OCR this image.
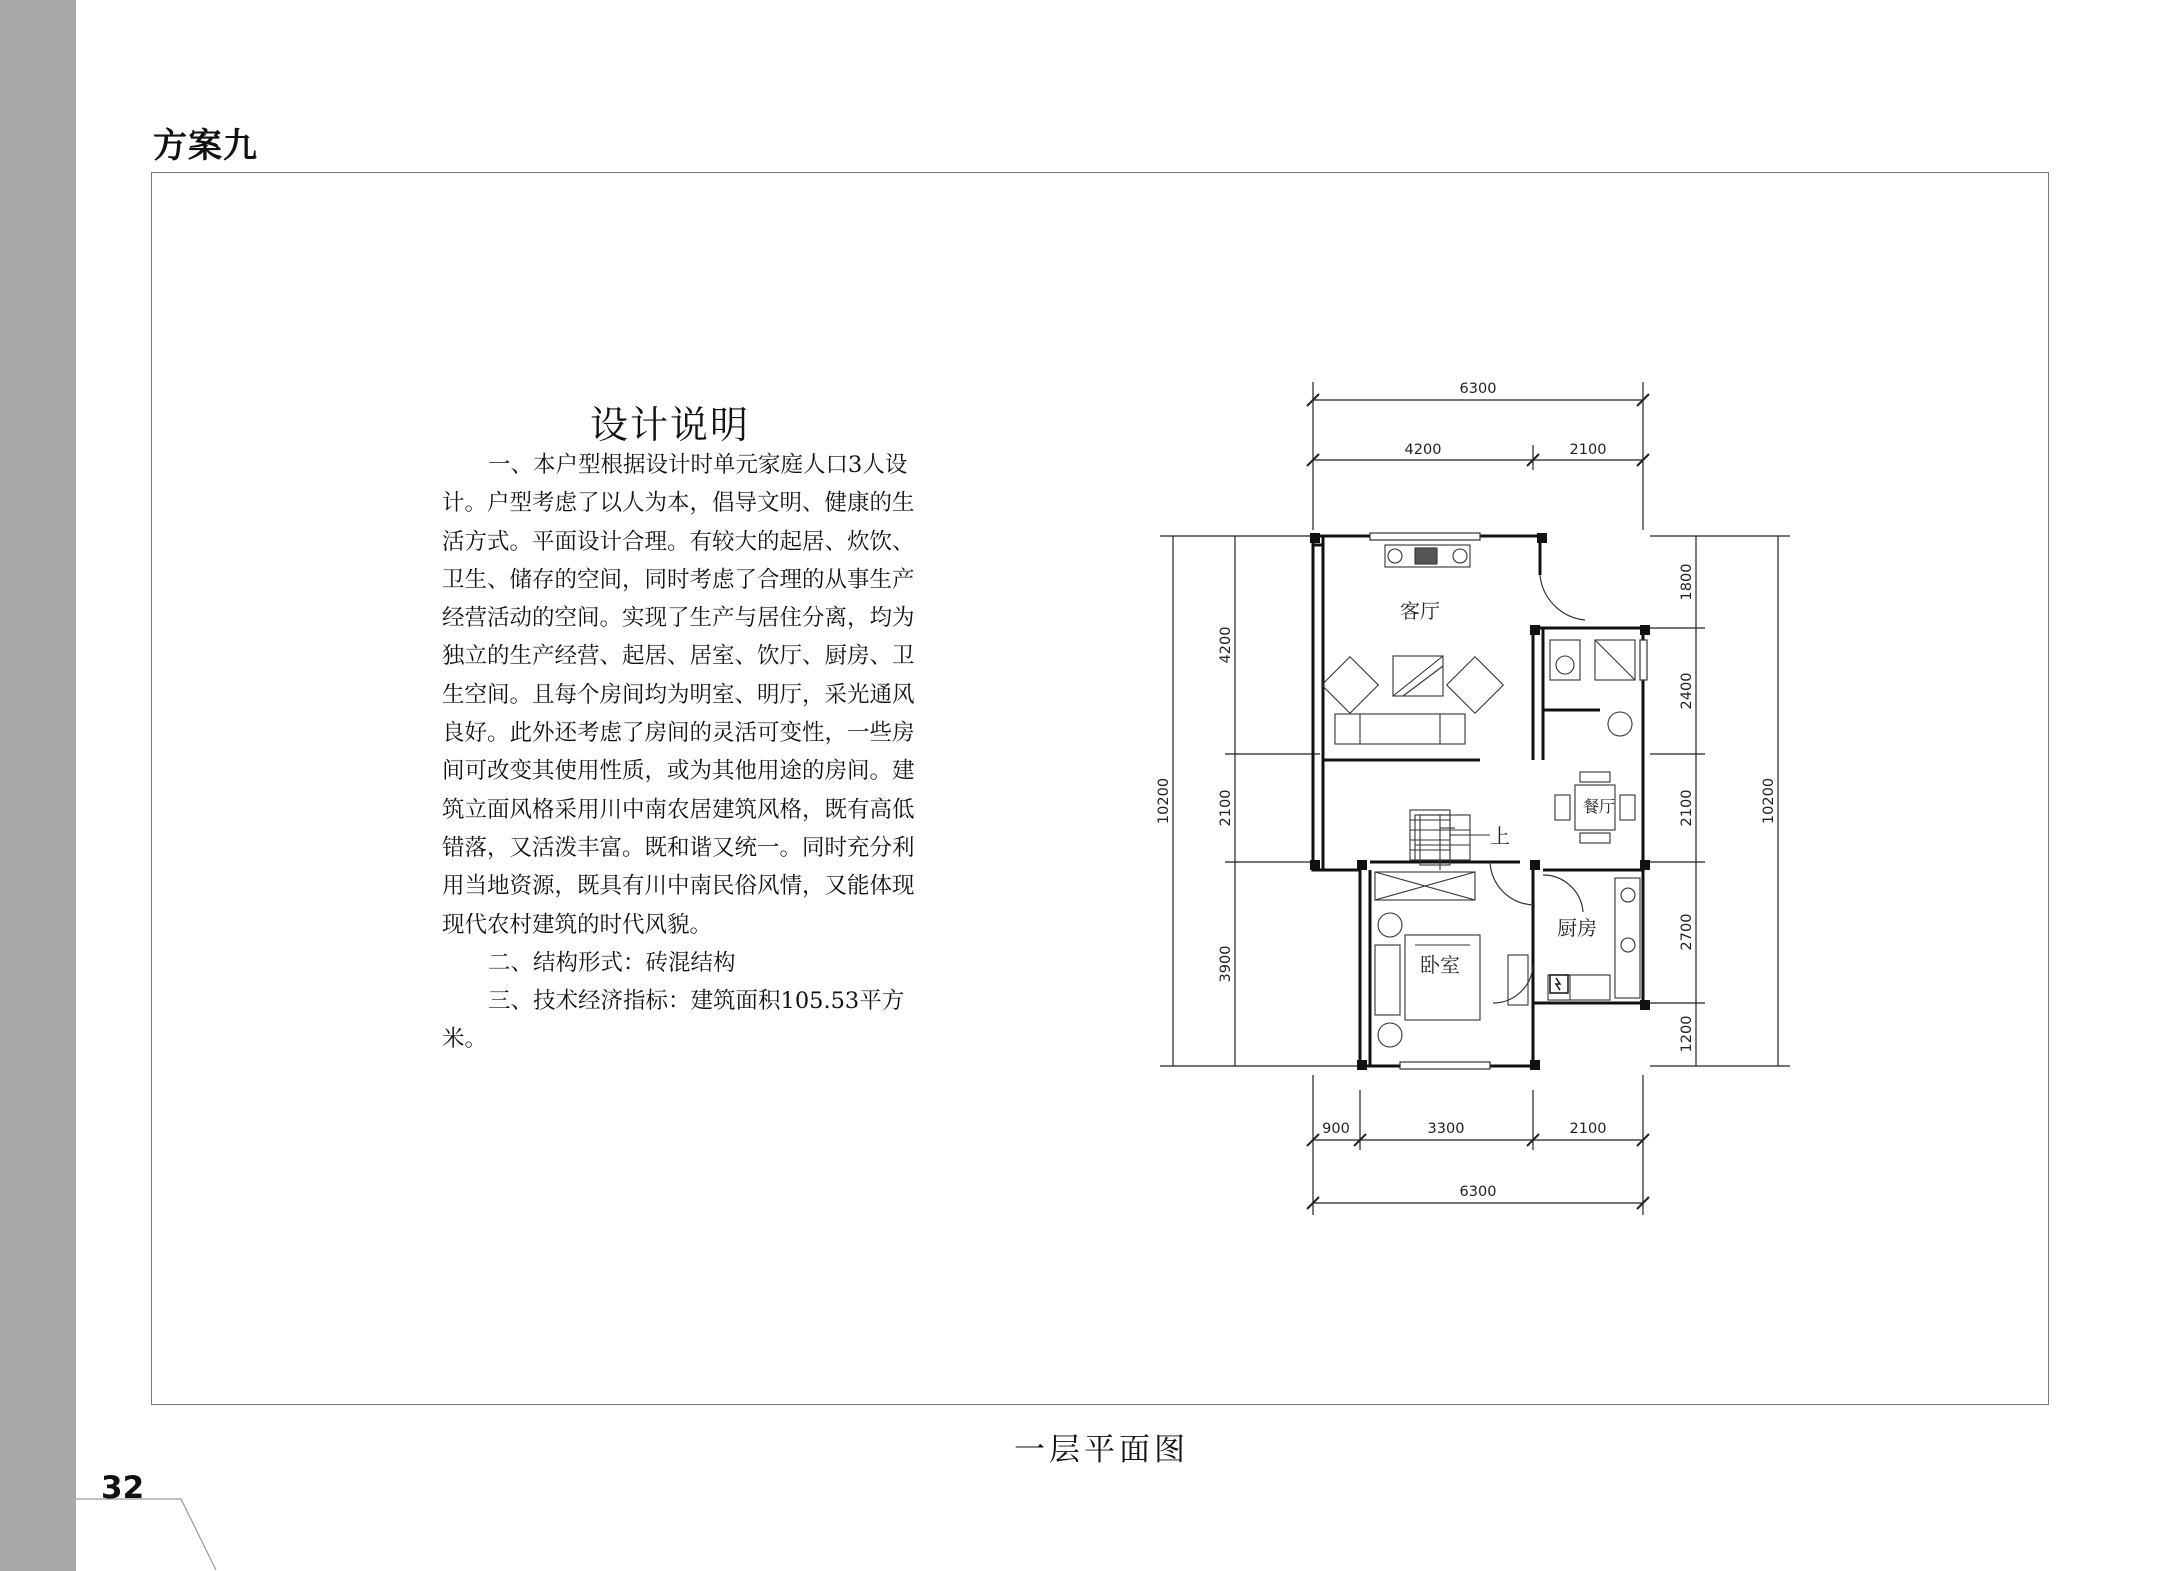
方案九
设计说明

一、本户型根据设计时单元家庭人口3人设计。户型考虑了以人为本，倡导文明、健康的生活方式。平面设计合理。有较大的起居、炊饮、卫生、储存的空间，同时考虑了合理的从事生产经营活动的空间。实现了生产与居住分离，均为独立的生产经营、起居、居室、饮厅、厨房、卫生空间。且每个房间均为明室、明厅，采光通风良好。此外还考虑了房间的灵活可变性，一些房间可改变其使用性质，或为其他用途的房间。建筑立面风格采用川中南农居建筑风格，既有高低错落，又活泼丰富。既和谐又统一。同时充分利用当地资源，既具有川中南民俗风情，又能体现现代农村建筑的时代风貌。

二、结构形式：砖混结构

三、技术经济指标：建筑面积105.53平方米。

客厅
餐厅
卧室
厨房
上
6300
4200	2100
900	3300	2100
6300
10200
4200
2100
3900
1800
2400
2100
2700
1200
10200
一层平面图
32
